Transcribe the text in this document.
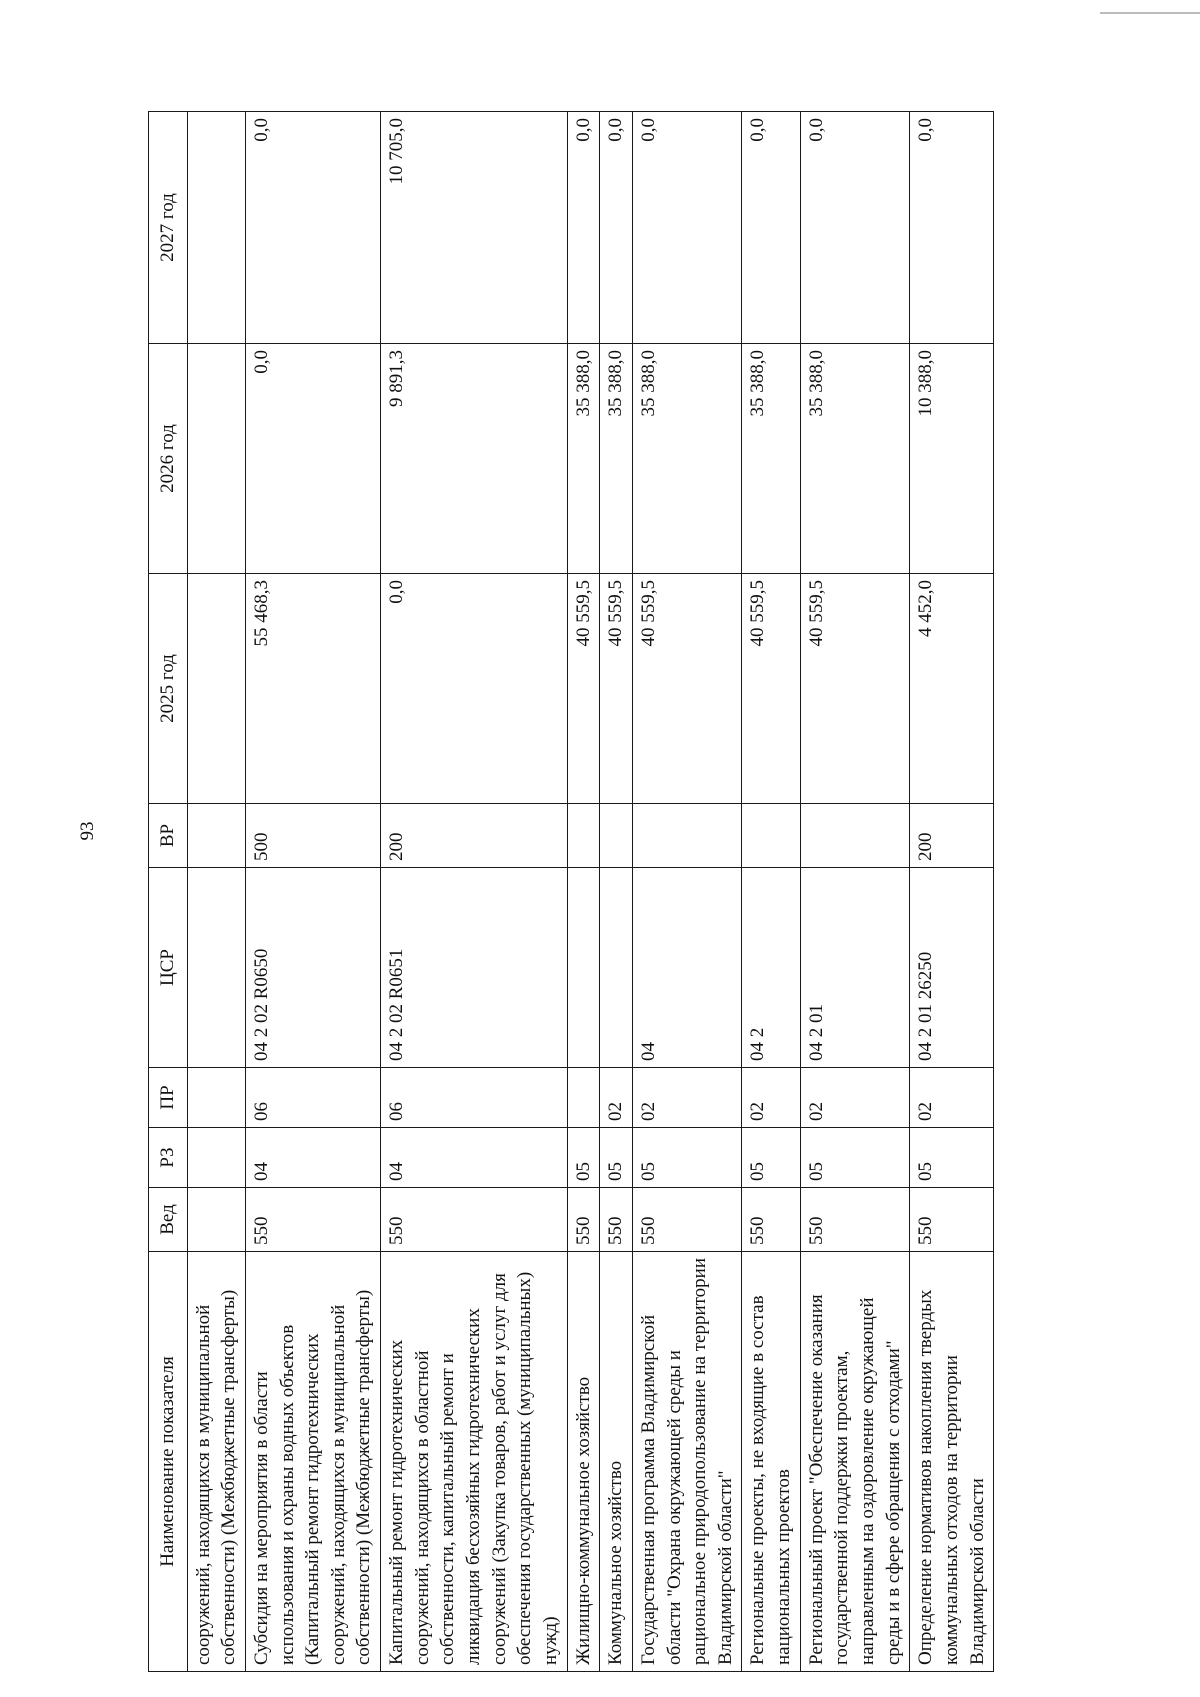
93
Наименование показателя	Вед	РЗ	ПР	ЦСР	ВР	2025 год	2026 год	2027 год
сооружений, находящихся в муниципальной собственности) (Межбюджетные трансферты)								
Субсидия на мероприятия в области использования и охраны водных объектов (Капитальный ремонт гидротехнических сооружений, находящихся в муниципальной собственности) (Межбюджетные трансферты)	550	04	06	04 2 02 R0650	500	55 468,3	0,0	0,0
Капитальный ремонт гидротехнических сооружений, находящихся в областной собственности, капитальный ремонт и ликвидация бесхозяйных гидротехнических сооружений (Закупка товаров, работ и услуг для обеспечения государственных (муниципальных) нужд)	550	04	06	04 2 02 R0651	200	0,0	9 891,3	10 705,0
Жилищно-коммунальное хозяйство	550	05				40 559,5	35 388,0	0,0
Коммунальное хозяйство	550	05	02			40 559,5	35 388,0	0,0
Государственная программа Владимирской области "Охрана окружающей среды и рациональное природопользование на территории Владимирской области"	550	05	02	04		40 559,5	35 388,0	0,0
Региональные проекты, не входящие в состав национальных проектов	550	05	02	04 2		40 559,5	35 388,0	0,0
Региональный проект "Обеспечение оказания государственной поддержки проектам, направленным на оздоровление окружающей среды и в сфере обращения с отходами"	550	05	02	04 2 01		40 559,5	35 388,0	0,0
Определение нормативов накопления твердых коммунальных отходов на территории Владимирской области	550	05	02	04 2 01 26250	200	4 452,0	10 388,0	0,0
